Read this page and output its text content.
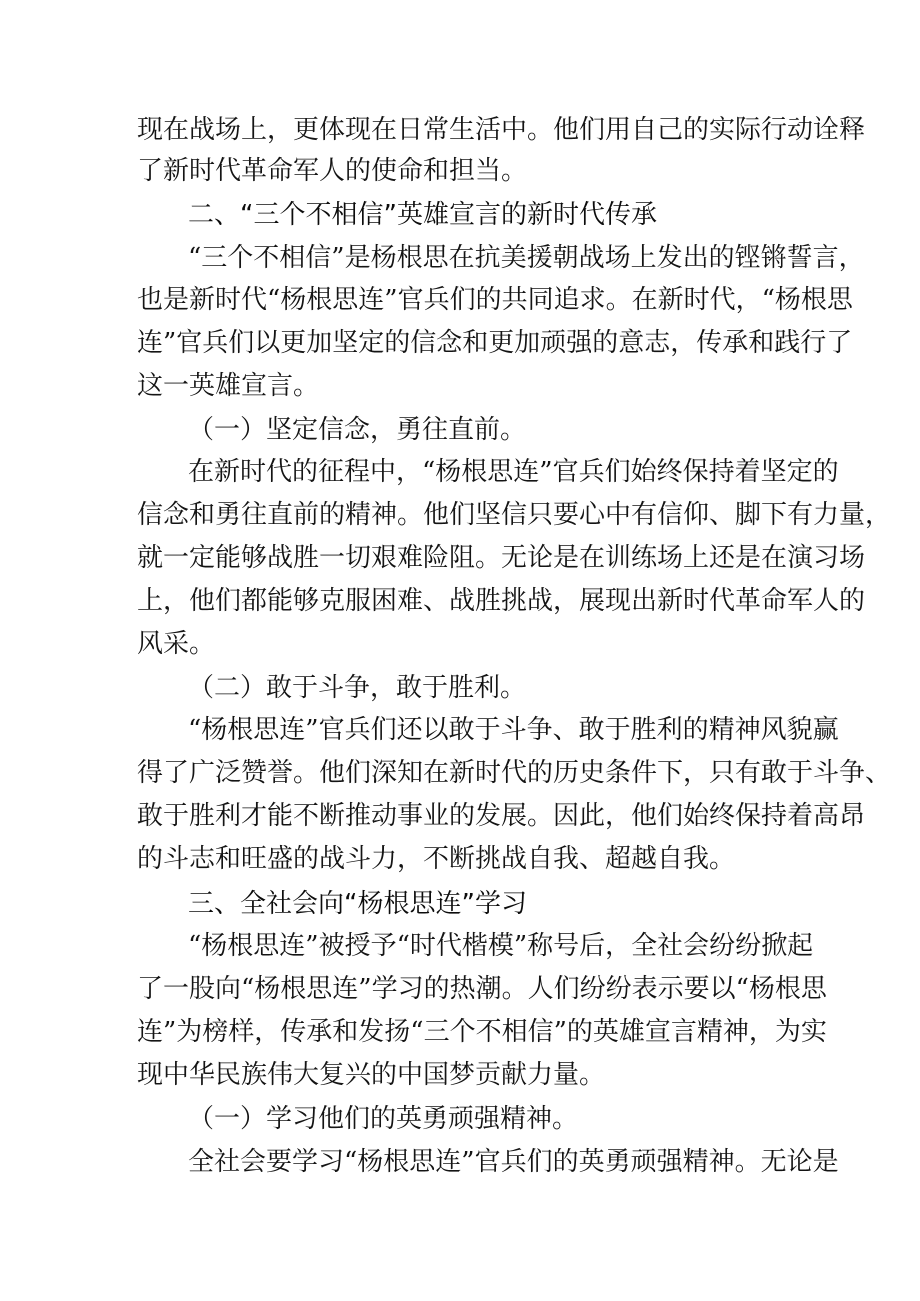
现在战场上，更体现在日常生活中。他们用自己的实际行动诠释
了新时代革命军人的使命和担当。
二、“三个不相信”英雄宣言的新时代传承
“三个不相信”是杨根思在抗美援朝战场上发出的铿锵誓言，
也是新时代“杨根思连”官兵们的共同追求。在新时代，“杨根思
连”官兵们以更加坚定的信念和更加顽强的意志，传承和践行了
这一英雄宣言。
（一）坚定信念，勇往直前。
在新时代的征程中，“杨根思连”官兵们始终保持着坚定的
信念和勇往直前的精神。他们坚信只要心中有信仰、脚下有力量，
就一定能够战胜一切艰难险阻。无论是在训练场上还是在演习场
上，他们都能够克服困难、战胜挑战，展现出新时代革命军人的
风采。
（二）敢于斗争，敢于胜利。
“杨根思连”官兵们还以敢于斗争、敢于胜利的精神风貌赢
得了广泛赞誉。他们深知在新时代的历史条件下，只有敢于斗争、
敢于胜利才能不断推动事业的发展。因此，他们始终保持着高昂
的斗志和旺盛的战斗力，不断挑战自我、超越自我。
三、全社会向“杨根思连”学习
“杨根思连”被授予“时代楷模”称号后，全社会纷纷掀起
了一股向“杨根思连”学习的热潮。人们纷纷表示要以“杨根思
连”为榜样，传承和发扬“三个不相信”的英雄宣言精神，为实
现中华民族伟大复兴的中国梦贡献力量。
（一）学习他们的英勇顽强精神。
全社会要学习“杨根思连”官兵们的英勇顽强精神。无论是
